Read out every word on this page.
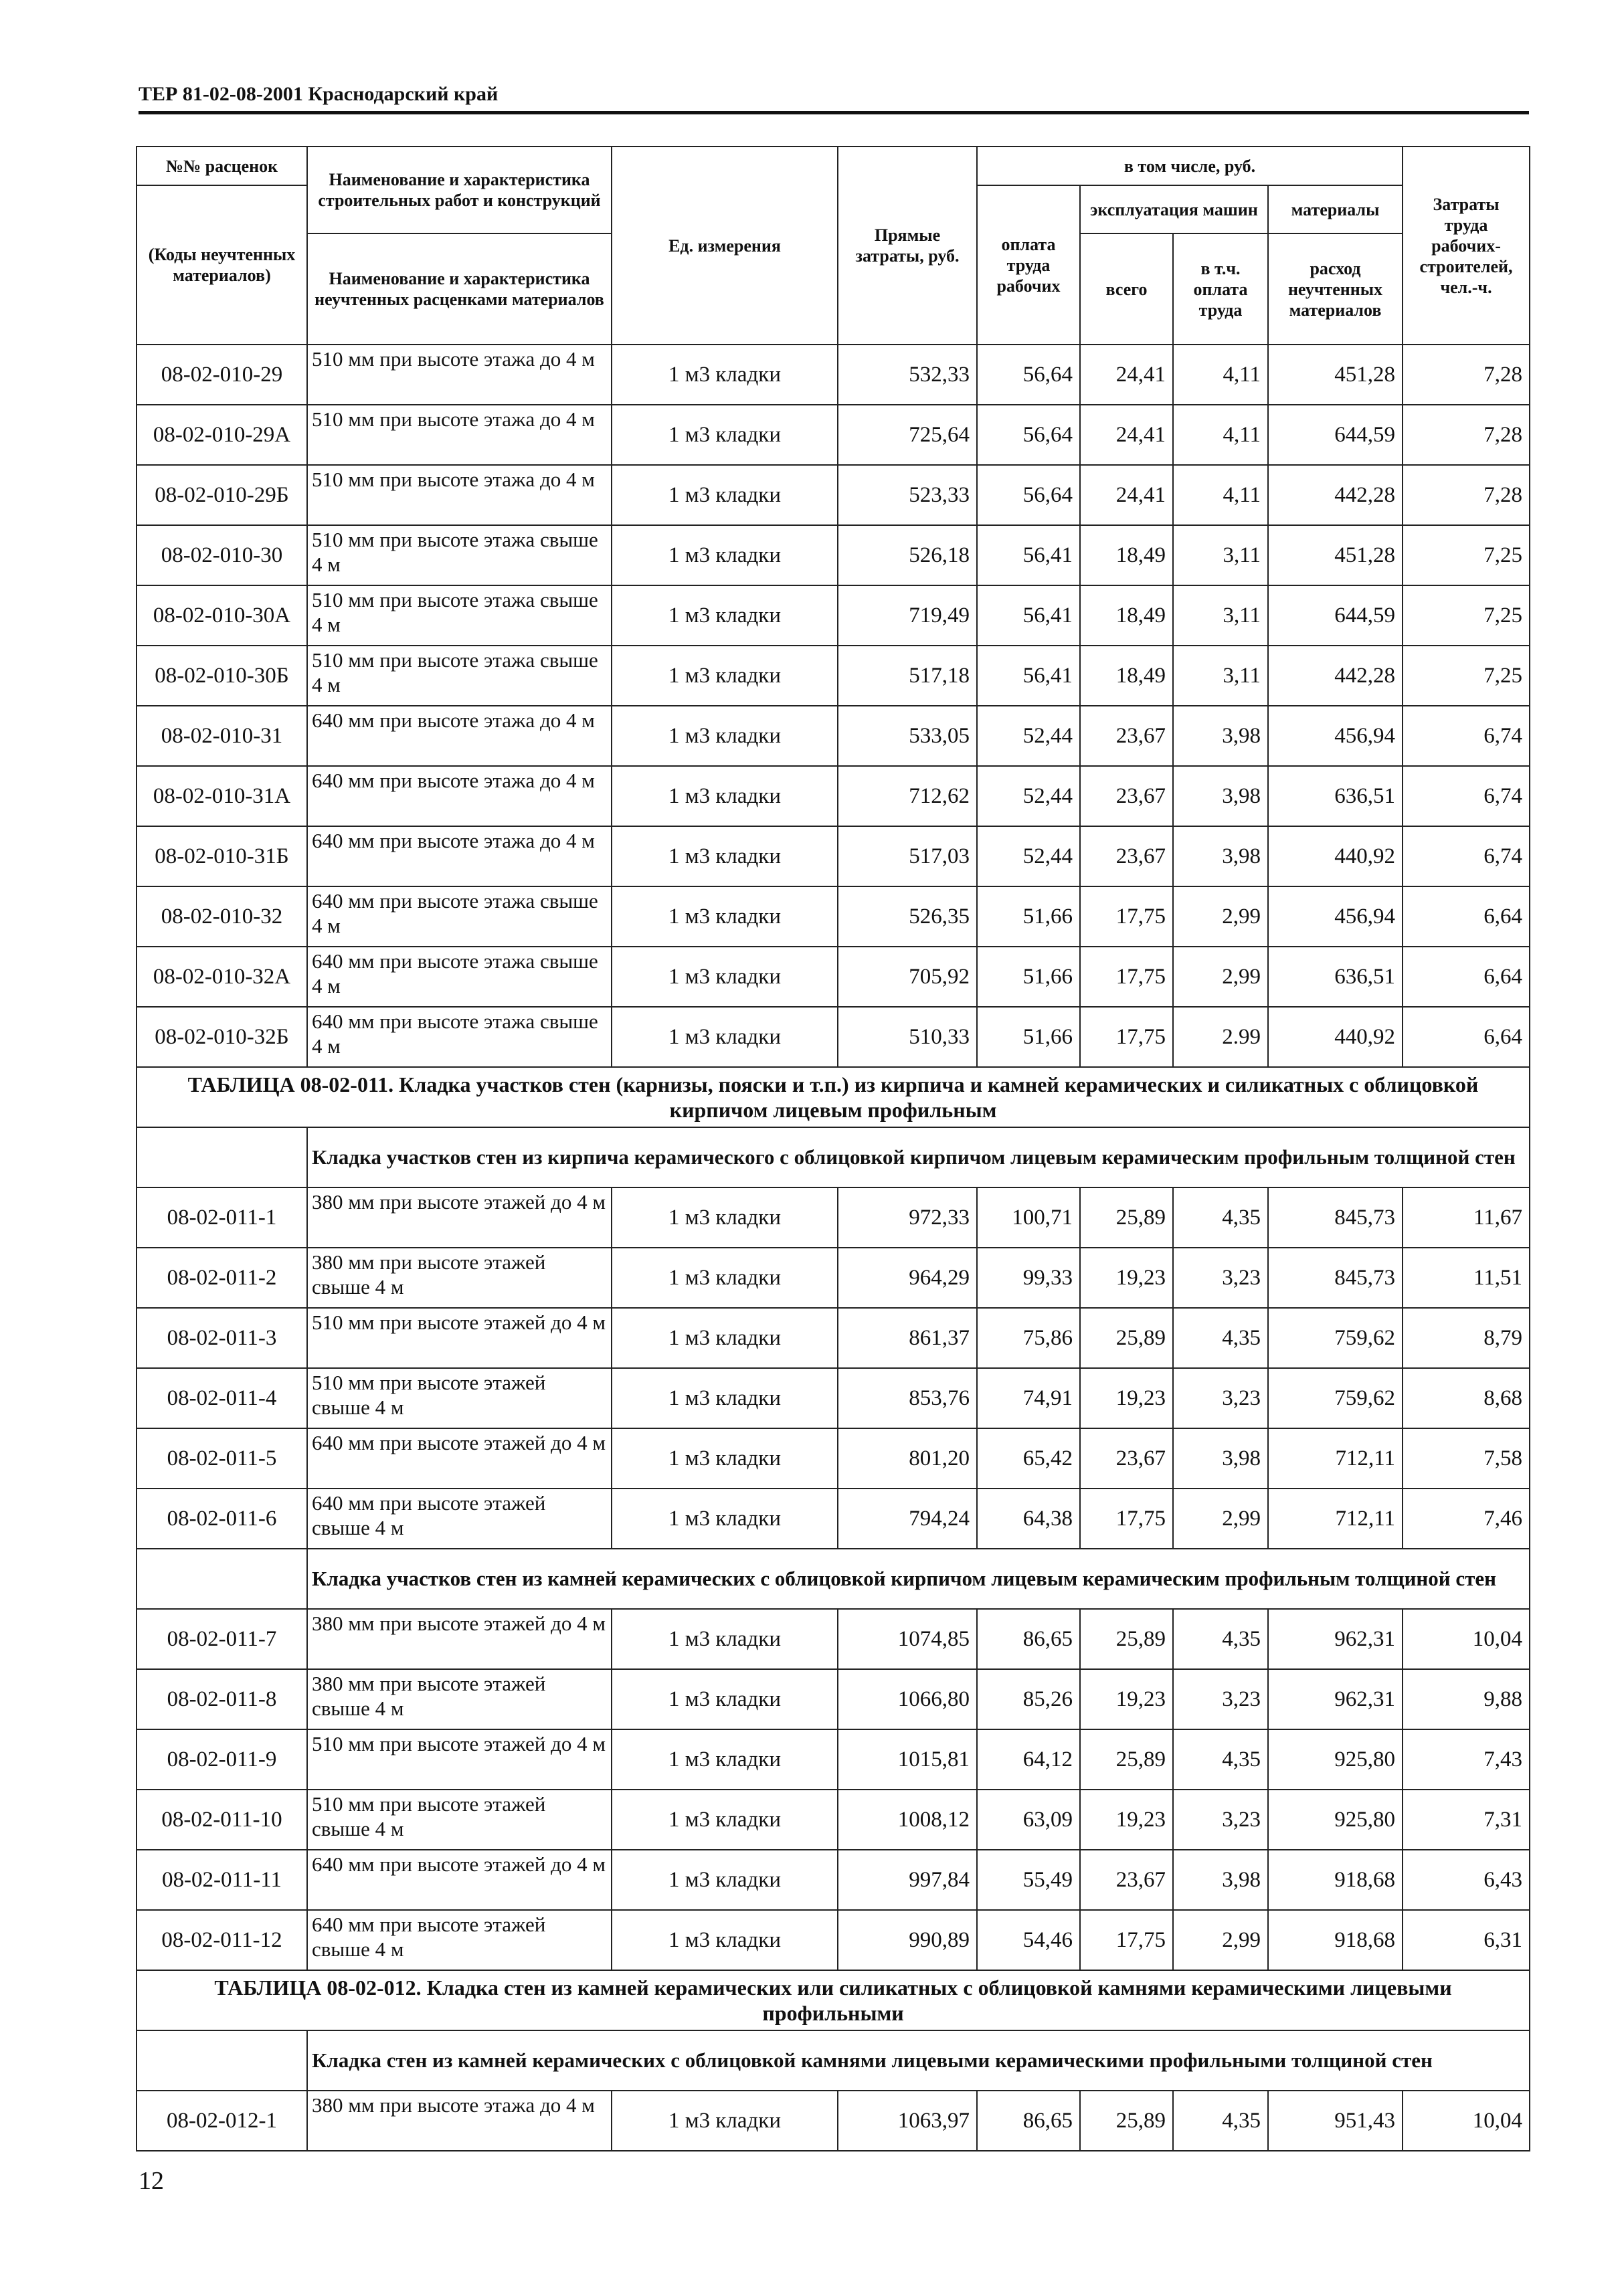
ТЕР 81-02-08-2001 Краснодарский край
№№ расценок	Наименование и характеристика строительных работ и конструкций	Ед. измерения	Прямые затраты, руб.	в том числе, руб.				Затраты труда рабочих-строителей, чел.-ч.
(Коды неучтенных материалов)				оплата труда рабочих	эксплуатация машин		материалы	
	Наименование и характеристика неучтенных расценками материалов				всего	в т.ч. оплата труда	расход неучтенных материалов	

08-02-010-29	510 мм при высоте этажа до 4 м	1 м3 кладки	532,33	56,64	24,41	4,11	451,28	7,28
08-02-010-29А	510 мм при высоте этажа до 4 м	1 м3 кладки	725,64	56,64	24,41	4,11	644,59	7,28
08-02-010-29Б	510 мм при высоте этажа до 4 м	1 м3 кладки	523,33	56,64	24,41	4,11	442,28	7,28
08-02-010-30	510 мм при высоте этажа свыше 4 м	1 м3 кладки	526,18	56,41	18,49	3,11	451,28	7,25
08-02-010-30А	510 мм при высоте этажа свыше 4 м	1 м3 кладки	719,49	56,41	18,49	3,11	644,59	7,25
08-02-010-30Б	510 мм при высоте этажа свыше 4 м	1 м3 кладки	517,18	56,41	18,49	3,11	442,28	7,25
08-02-010-31	640 мм при высоте этажа до 4 м	1 м3 кладки	533,05	52,44	23,67	3,98	456,94	6,74
08-02-010-31А	640 мм при высоте этажа до 4 м	1 м3 кладки	712,62	52,44	23,67	3,98	636,51	6,74
08-02-010-31Б	640 мм при высоте этажа до 4 м	1 м3 кладки	517,03	52,44	23,67	3,98	440,92	6,74
08-02-010-32	640 мм при высоте этажа свыше 4 м	1 м3 кладки	526,35	51,66	17,75	2,99	456,94	6,64
08-02-010-32А	640 мм при высоте этажа свыше 4 м	1 м3 кладки	705,92	51,66	17,75	2,99	636,51	6,64
08-02-010-32Б	640 мм при высоте этажа свыше 4 м	1 м3 кладки	510,33	51,66	17,75	2.99	440,92	6,64
ТАБЛИЦА 08-02-011. Кладка участков стен (карнизы, пояски и т.п.) из кирпича и камней керамических и силикатных с облицовкой кирпичом лицевым профильным								
	Кладка участков стен из кирпича керамического с облицовкой кирпичом лицевым керамическим профильным толщиной стен							
08-02-011-1	380 мм при высоте этажей до 4 м	1 м3 кладки	972,33	100,71	25,89	4,35	845,73	11,67
08-02-011-2	380 мм при высоте этажей свыше 4 м	1 м3 кладки	964,29	99,33	19,23	3,23	845,73	11,51
08-02-011-3	510 мм при высоте этажей до 4 м	1 м3 кладки	861,37	75,86	25,89	4,35	759,62	8,79
08-02-011-4	510 мм при высоте этажей свыше 4 м	1 м3 кладки	853,76	74,91	19,23	3,23	759,62	8,68
08-02-011-5	640 мм при высоте этажей до 4 м	1 м3 кладки	801,20	65,42	23,67	3,98	712,11	7,58
08-02-011-6	640 мм при высоте этажей свыше 4 м	1 м3 кладки	794,24	64,38	17,75	2,99	712,11	7,46
	Кладка участков стен из камней керамических с облицовкой кирпичом лицевым керамическим профильным толщиной стен							
08-02-011-7	380 мм при высоте этажей до 4 м	1 м3 кладки	1074,85	86,65	25,89	4,35	962,31	10,04
08-02-011-8	380 мм при высоте этажей свыше 4 м	1 м3 кладки	1066,80	85,26	19,23	3,23	962,31	9,88
08-02-011-9	510 мм при высоте этажей до 4 м	1 м3 кладки	1015,81	64,12	25,89	4,35	925,80	7,43
08-02-011-10	510 мм при высоте этажей свыше 4 м	1 м3 кладки	1008,12	63,09	19,23	3,23	925,80	7,31
08-02-011-11	640 мм при высоте этажей до 4 м	1 м3 кладки	997,84	55,49	23,67	3,98	918,68	6,43
08-02-011-12	640 мм при высоте этажей свыше 4 м	1 м3 кладки	990,89	54,46	17,75	2,99	918,68	6,31
ТАБЛИЦА 08-02-012. Кладка стен из камней керамических или силикатных с облицовкой камнями керамическими лицевыми профильными								
	Кладка стен из камней керамических с облицовкой камнями лицевыми керамическими профильными толщиной стен							
08-02-012-1	380 мм при высоте этажа до 4 м	1 м3 кладки	1063,97	86,65	25,89	4,35	951,43	10,04
12
